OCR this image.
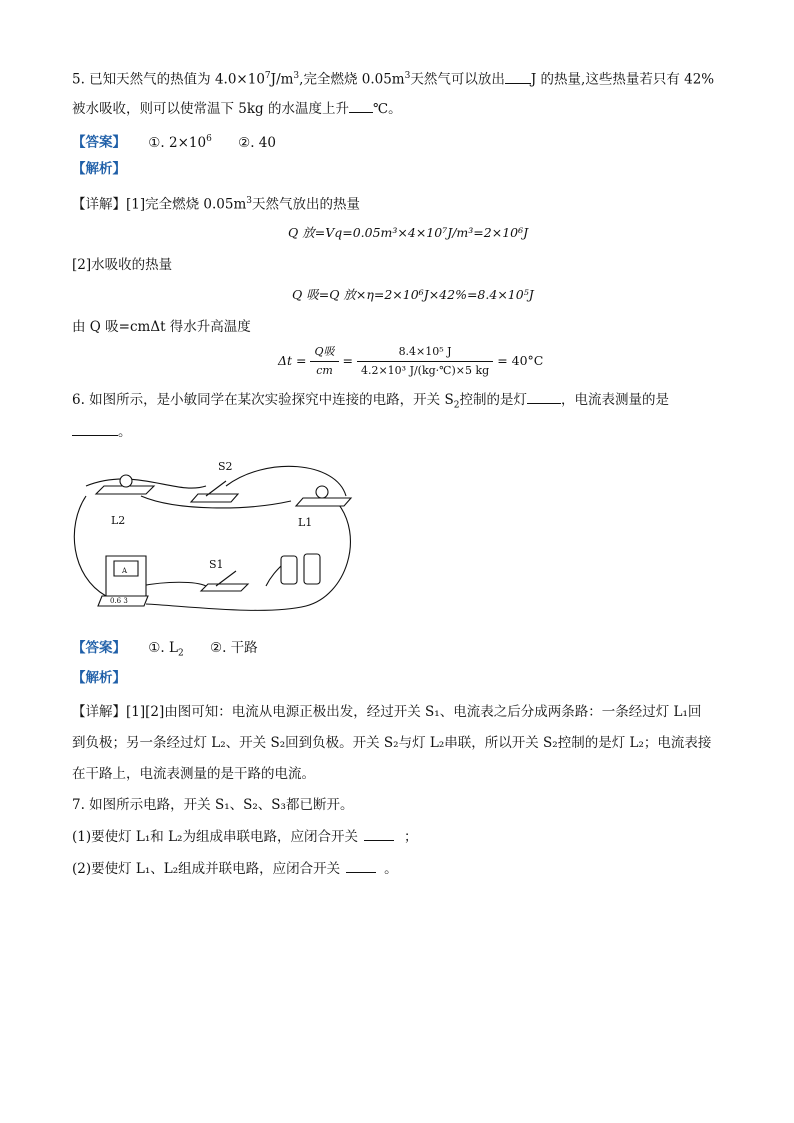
5. 已知天然气的热值为 $4.0\times 10^7J/m^3$,完全燃烧 $0.05m^3$天然气可以放出 J 的热量,这些热量若只有 42%
被水吸收，则可以使常温下 5kg 的水温度上升 ℃。
【答案】 ①. $2\times 10^6$ ②. 40
【解析】
【详解】[1]完全燃烧 $0.05m^3$天然气放出的热量
Q 放=Vq=0.05m³×4×10⁷J/m³=2×10⁶J
[2]水吸收的热量
Q 吸=Q 放×η=2×10⁶J×42%=8.4×10⁵J
由 Q 吸=cmΔt 得水升高温度
$\Delta t = \frac{\text{Q吸}}{cm} = \frac{\text{8.4×10⁵ J}}{\text{4.2×10³ J/(kg·℃)×5 kg}} = 40^\circ C$
6. 如图所示，是小敏同学在某次实验探究中连接的电路，开关 $S_2$控制的是灯	，电流表测量的是
。
S2
L2	L1
S1
A
0.6 3
【答案】 ①. $L_2$ ②. 干路
【解析】
【详解】[1][2]由图可知：电流从电源正极出发，经过开关 S₁、电流表之后分成两条路：一条经过灯 L₁回
到负极；另一条经过灯 L₂、开关 S₂回到负极。开关 S₂与灯 L₂串联，所以开关 S₂控制的是灯 L₂；电流表接
在干路上，电流表测量的是干路的电流。
7. 如图所示电路，开关 S₁、S₂、S₃都已断开。
(1)要使灯 L₁和 L₂为组成串联电路，应闭合开关	；
(2)要使灯 L₁、L₂组成并联电路，应闭合开关	。
